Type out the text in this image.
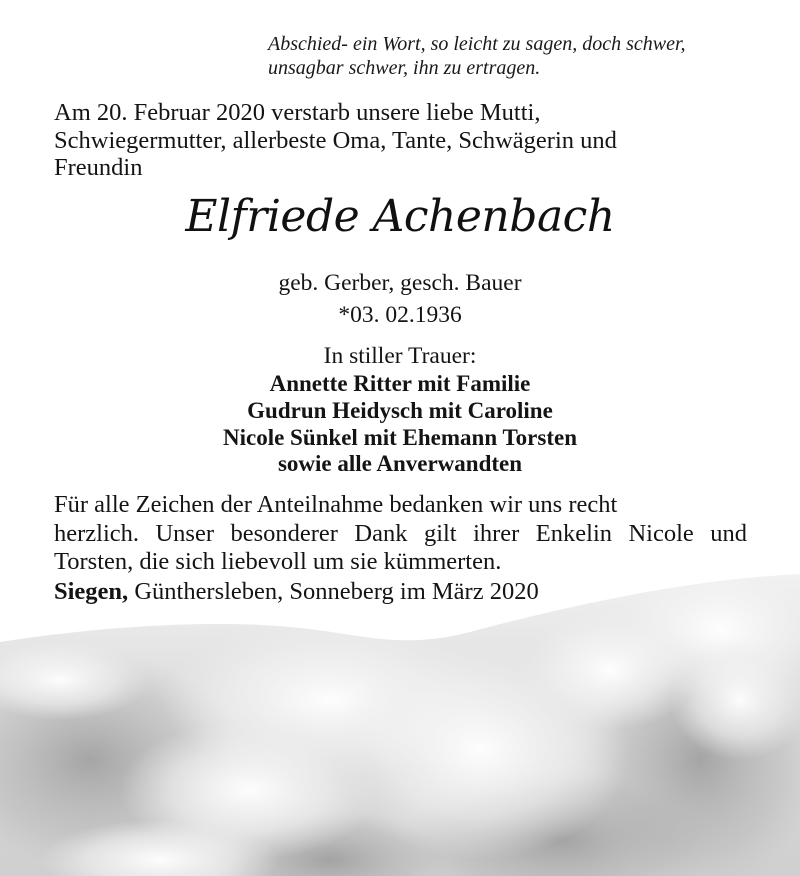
Abschied- ein Wort, so leicht zu sagen, doch schwer,
unsagbar schwer, ihn zu ertragen.

Am 20. Februar 2020 verstarb unsere liebe Mutti,
Schwiegermutter, allerbeste Oma, Tante, Schwägerin und
Freundin

Elfriede Achenbach
geb. Gerber, gesch. Bauer
*03. 02.1936
In stiller Trauer:
Annette Ritter mit Familie
Gudrun Heidysch mit Caroline
Nicole Sünkel mit Ehemann Torsten
sowie alle Anverwandten
Für alle Zeichen der Anteilnahme bedanken wir uns recht
herzlich. Unser besonderer Dank gilt ihrer Enkelin Nicole und
Torsten, die sich liebevoll um sie kümmerten.
Siegen, Günthersleben, Sonneberg im März 2020
